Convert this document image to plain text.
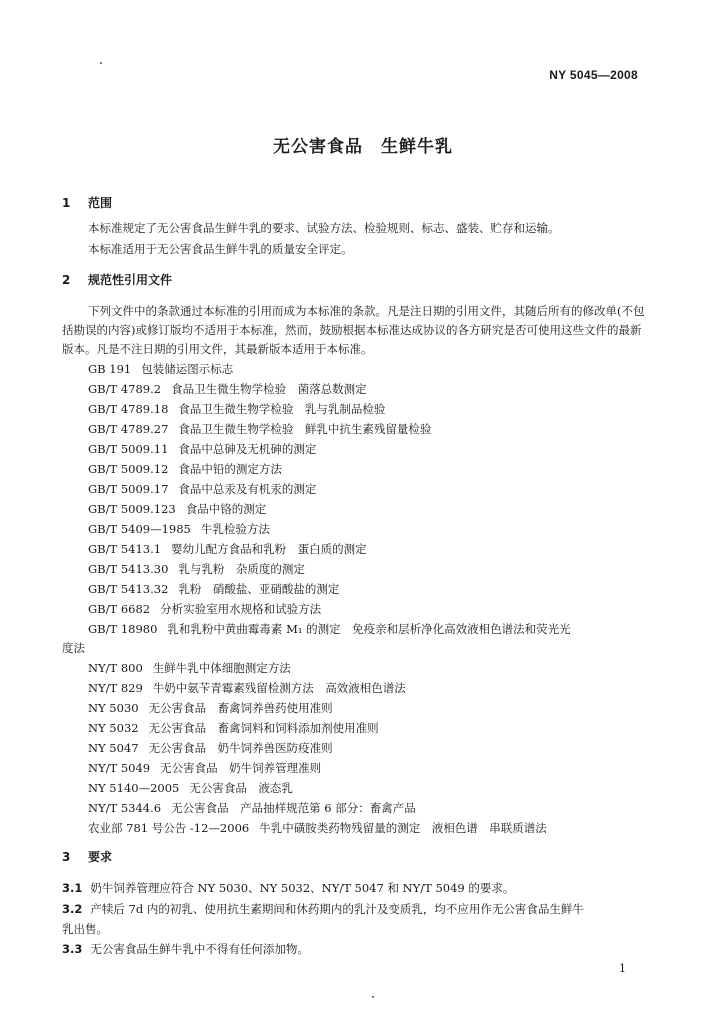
NY 5045—2008
无公害食品 生鲜牛乳
1 范围
本标准规定了无公害食品生鲜牛乳的要求、试验方法、检验规则、标志、盛装、贮存和运输。
本标准适用于无公害食品生鲜牛乳的质量安全评定。
2 规范性引用文件
下列文件中的条款通过本标准的引用而成为本标准的条款。凡是注日期的引用文件，其随后所有的修改单(不包括勘误的内容)或修订版均不适用于本标准，然而，鼓励根据本标准达成协议的各方研究是否可使用这些文件的最新版本。凡是不注日期的引用文件，其最新版本适用于本标准。
GB 191 包装储运图示标志
GB/T 4789.2 食品卫生微生物学检验　菌落总数测定
GB/T 4789.18 食品卫生微生物学检验　乳与乳制品检验
GB/T 4789.27 食品卫生微生物学检验　鲜乳中抗生素残留量检验
GB/T 5009.11 食品中总砷及无机砷的测定
GB/T 5009.12 食品中铅的测定方法
GB/T 5009.17 食品中总汞及有机汞的测定
GB/T 5009.123 食品中铬的测定
GB/T 5409—1985 牛乳检验方法
GB/T 5413.1 婴幼儿配方食品和乳粉　蛋白质的测定
GB/T 5413.30 乳与乳粉　杂质度的测定
GB/T 5413.32 乳粉　硝酸盐、亚硝酸盐的测定
GB/T 6682 分析实验室用水规格和试验方法
GB/T 18980 乳和乳粉中黄曲霉毒素 M₁ 的测定　免疫亲和层析净化高效液相色谱法和荧光光
度法
NY/T 800 生鲜牛乳中体细胞测定方法
NY/T 829 牛奶中氨苄青霉素残留检测方法　高效液相色谱法
NY 5030 无公害食品　畜禽饲养兽药使用准则
NY 5032 无公害食品　畜禽饲料和饲料添加剂使用准则
NY 5047 无公害食品　奶牛饲养兽医防疫准则
NY/T 5049 无公害食品　奶牛饲养管理准则
NY 5140—2005 无公害食品　液态乳
NY/T 5344.6 无公害食品　产品抽样规范第 6 部分：畜禽产品
农业部 781 号公告 -12—2006 牛乳中磺胺类药物残留量的测定　液相色谱　串联质谱法
3 要求
3.1 奶牛饲养管理应符合 NY 5030、NY 5032、NY/T 5047 和 NY/T 5049 的要求。
3.2 产犊后 7d 内的初乳、使用抗生素期间和休药期内的乳汁及变质乳，均不应用作无公害食品生鲜牛
乳出售。
3.3 无公害食品生鲜牛乳中不得有任何添加物。
1
